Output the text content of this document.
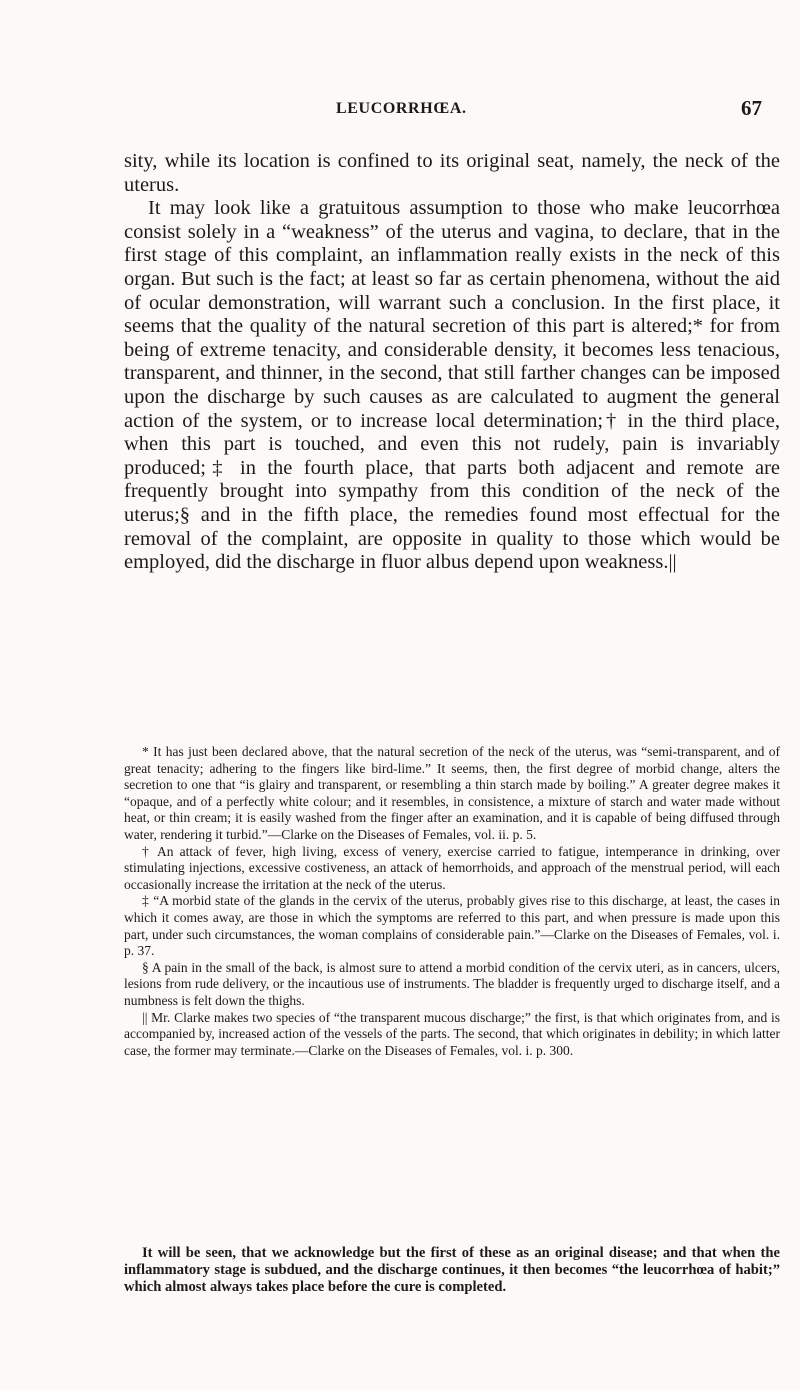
LEUCORRHŒA.	67

sity, while its location is confined to its original seat, namely, the neck of the uterus.

It may look like a gratuitous assumption to those who make leucorrhœa consist solely in a “weakness” of the uterus and vagina, to declare, that in the first stage of this complaint, an inflammation really exists in the neck of this organ. But such is the fact; at least so far as certain phenomena, without the aid of ocular demonstration, will warrant such a conclusion. In the first place, it seems that the quality of the natural secretion of this part is altered;* for from being of extreme tenacity, and considerable density, it becomes less tenacious, transparent, and thinner, in the second, that still farther changes can be imposed upon the discharge by such causes as are calculated to augment the general action of the system, or to increase local determination;† in the third place, when this part is touched, and even this not rudely, pain is invariably produced;‡ in the fourth place, that parts both adjacent and remote are frequently brought into sympathy from this condition of the neck of the uterus;§ and in the fifth place, the remedies found most effectual for the removal of the complaint, are opposite in quality to those which would be employed, did the discharge in fluor albus depend upon weakness.||

* It has just been declared above, that the natural secretion of the neck of the uterus, was “semi-transparent, and of great tenacity; adhering to the fingers like bird-lime.” It seems, then, the first degree of morbid change, alters the secretion to one that “is glairy and transparent, or resembling a thin starch made by boiling.” A greater degree makes it “opaque, and of a perfectly white colour; and it resembles, in consistence, a mixture of starch and water made without heat, or thin cream; it is easily washed from the finger after an examination, and it is capable of being diffused through water, rendering it turbid.”—Clarke on the Diseases of Females, vol. ii. p. 5.

† An attack of fever, high living, excess of venery, exercise carried to fatigue, intemperance in drinking, over stimulating injections, excessive costiveness, an attack of hemorrhoids, and approach of the menstrual period, will each occasionally increase the irritation at the neck of the uterus.

‡ “A morbid state of the glands in the cervix of the uterus, probably gives rise to this discharge, at least, the cases in which it comes away, are those in which the symptoms are referred to this part, and when pressure is made upon this part, under such circumstances, the woman complains of considerable pain.”—Clarke on the Diseases of Females, vol. i. p. 37.

§ A pain in the small of the back, is almost sure to attend a morbid condition of the cervix uteri, as in cancers, ulcers, lesions from rude delivery, or the incautious use of instruments. The bladder is frequently urged to discharge itself, and a numbness is felt down the thighs.

|| Mr. Clarke makes two species of “the transparent mucous discharge;” the first, is that which originates from, and is accompanied by, increased action of the vessels of the parts. The second, that which originates in debility; in which latter case, the former may terminate.—Clarke on the Diseases of Females, vol. i. p. 300.

It will be seen, that we acknowledge but the first of these as an original disease; and that when the inflammatory stage is subdued, and the discharge continues, it then becomes “the leucorrhœa of habit;” which almost always takes place before the cure is completed.
